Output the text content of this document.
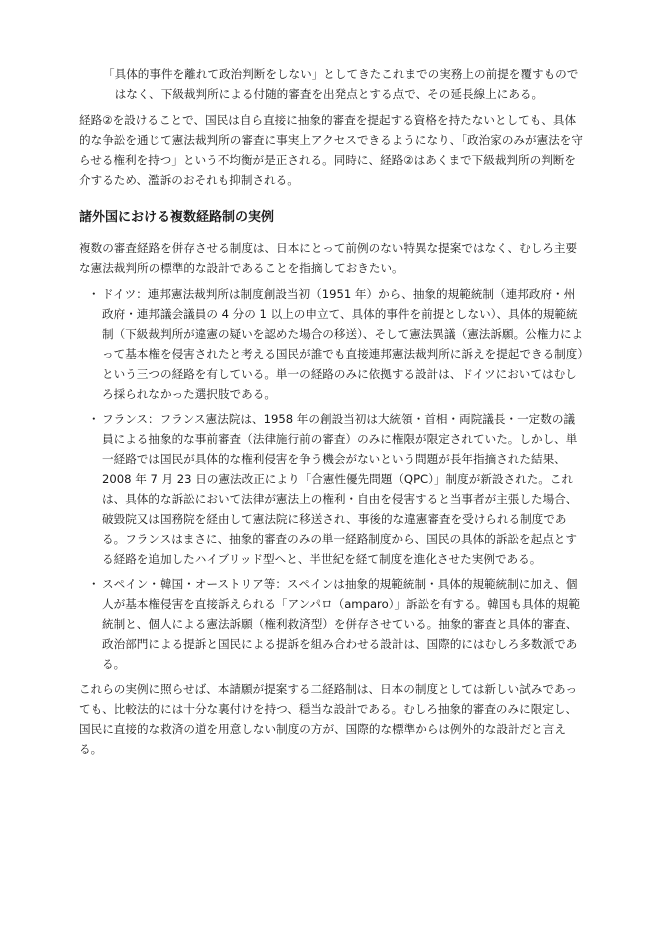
「具体的事件を離れて政治判断をしない」としてきたこれまでの実務上の前提を覆すものではなく、下級裁判所による付随的審査を出発点とする点で、その延長線上にある。

経路②を設けることで、国民は自ら直接に抽象的審査を提起する資格を持たないとしても、具体的な争訟を通じて憲法裁判所の審査に事実上アクセスできるようになり、「政治家のみが憲法を守らせる権利を持つ」という不均衡が是正される。同時に、経路②はあくまで下級裁判所の判断を介するため、濫訴のおそれも抑制される。

諸外国における複数経路制の実例

複数の審査経路を併存させる制度は、日本にとって前例のない特異な提案ではなく、むしろ主要な憲法裁判所の標準的な設計であることを指摘しておきたい。

・ ドイツ：連邦憲法裁判所は制度創設当初（1951 年）から、抽象的規範統制（連邦政府・州政府・連邦議会議員の 4 分の 1 以上の申立て、具体的事件を前提としない）、具体的規範統制（下級裁判所が違憲の疑いを認めた場合の移送）、そして憲法異議（憲法訴願。公権力によって基本権を侵害されたと考える国民が誰でも直接連邦憲法裁判所に訴えを提起できる制度）という三つの経路を有している。単一の経路のみに依拠する設計は、ドイツにおいてはむしろ採られなかった選択肢である。
・ フランス：フランス憲法院は、1958 年の創設当初は大統領・首相・両院議長・一定数の議員による抽象的な事前審査（法律施行前の審査）のみに権限が限定されていた。しかし、単一経路では国民が具体的な権利侵害を争う機会がないという問題が長年指摘された結果、2008 年 7 月 23 日の憲法改正により「合憲性優先問題（QPC）」制度が新設された。これは、具体的な訴訟において法律が憲法上の権利・自由を侵害すると当事者が主張した場合、破毀院又は国務院を経由して憲法院に移送され、事後的な違憲審査を受けられる制度である。フランスはまさに、抽象的審査のみの単一経路制度から、国民の具体的訴訟を起点とする経路を追加したハイブリッド型へと、半世紀を経て制度を進化させた実例である。
・ スペイン・韓国・オーストリア等：スペインは抽象的規範統制・具体的規範統制に加え、個人が基本権侵害を直接訴えられる「アンパロ（amparo）」訴訟を有する。韓国も具体的規範統制と、個人による憲法訴願（権利救済型）を併存させている。抽象的審査と具体的審査、政治部門による提訴と国民による提訴を組み合わせる設計は、国際的にはむしろ多数派である。

これらの実例に照らせば、本請願が提案する二経路制は、日本の制度としては新しい試みであっても、比較法的には十分な裏付けを持つ、穏当な設計である。むしろ抽象的審査のみに限定し、国民に直接的な救済の道を用意しない制度の方が、国際的な標準からは例外的な設計だと言える。
